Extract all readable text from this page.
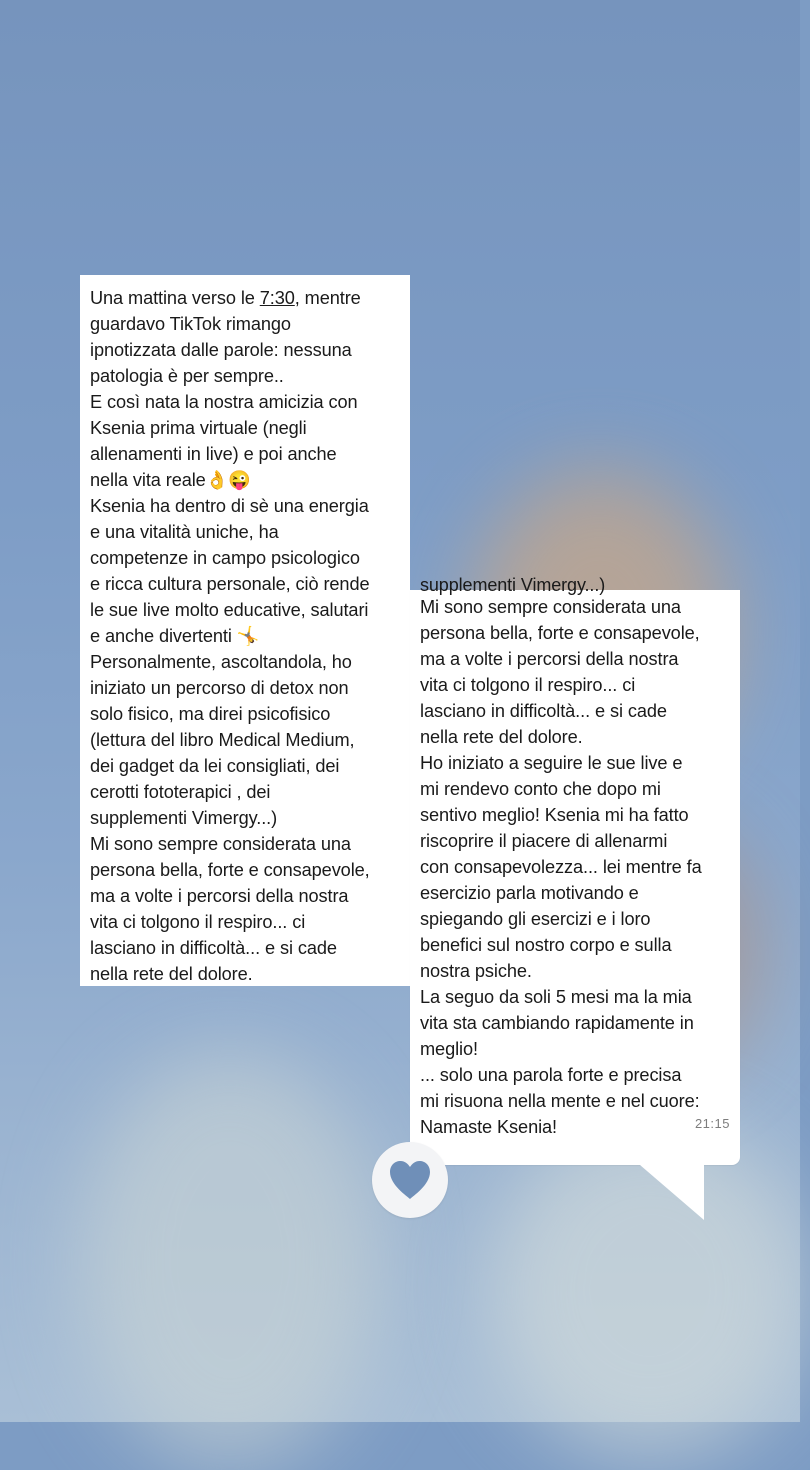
Una mattina verso le 7:30, mentre
guardavo TikTok rimango
ipnotizzata dalle parole: nessuna
patologia è per sempre..
E così nata la nostra amicizia con
Ksenia prima virtuale (negli
allenamenti in live) e poi anche
nella vita reale👌😜
Ksenia ha dentro di sè una energia
e una vitalità uniche, ha
competenze in campo psicologico
e ricca cultura personale, ciò rende
le sue live molto educative, salutari
e anche divertenti 🤸
Personalmente, ascoltandola, ho
iniziato un percorso di detox non
solo fisico, ma direi psicofisico
(lettura del libro Medical Medium,
dei gadget da lei consigliati, dei
cerotti fototerapici , dei
supplementi Vimergy...)
Mi sono sempre considerata una
persona bella, forte e consapevole,
ma a volte i percorsi della nostra
vita ci tolgono il respiro... ci
lasciano in difficoltà... e si cade
nella rete del dolore.
Mi sono sempre considerata una
persona bella, forte e consapevole,
ma a volte i percorsi della nostra
vita ci tolgono il respiro... ci
lasciano in difficoltà... e si cade
nella rete del dolore.
Ho iniziato a seguire le sue live e
mi rendevo conto che dopo mi
sentivo meglio! Ksenia mi ha fatto
riscoprire il piacere di allenarmi
con consapevolezza... lei mentre fa
esercizio parla motivando e
spiegando gli esercizi e i loro
benefici sul nostro corpo e sulla
nostra psiche.
La seguo da soli 5 mesi ma la mia
vita sta cambiando rapidamente in
meglio!
... solo una parola forte e precisa
mi risuona nella mente e nel cuore:
Namaste Ksenia!	21:15
